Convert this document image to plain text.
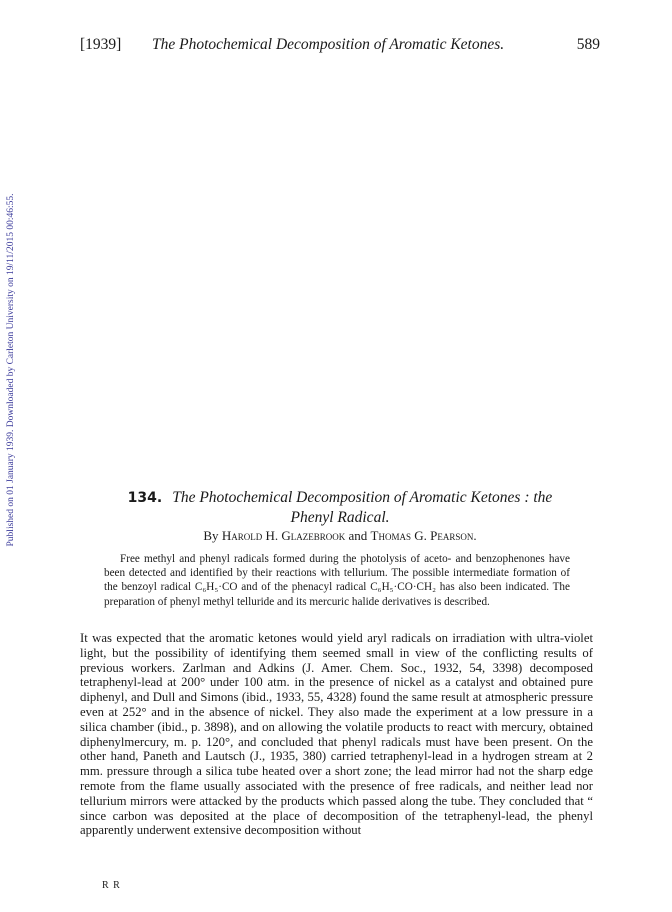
[1939] The Photochemical Decomposition of Aromatic Ketones.	589
Published on 01 January 1939. Downloaded by Carleton University on 19/11/2015 00:46:55.	134. The Photochemical Decomposition of Aromatic Ketones : the
Phenyl Radical.
By Harold H. Glazebrook and Thomas G. Pearson.

Free methyl and phenyl radicals formed during the photolysis of aceto- and benzophenones have been detected and identified by their reactions with tellurium. The possible intermediate formation of the benzoyl radical C₆H₅·CO and of the phenacyl radical C₆H₅·CO·CH₂ has also been indicated. The preparation of phenyl methyl telluride and its mercuric halide derivatives is described.

It was expected that the aromatic ketones would yield aryl radicals on irradiation with ultra-violet light, but the possibility of identifying them seemed small in view of the conflicting results of previous workers. Zarlman and Adkins (J. Amer. Chem. Soc., 1932, 54, 3398) decomposed tetraphenyl-lead at 200° under 100 atm. in the presence of nickel as a catalyst and obtained pure diphenyl, and Dull and Simons (ibid., 1933, 55, 4328) found the same result at atmospheric pressure even at 252° and in the absence of nickel. They also made the experiment at a low pressure in a silica chamber (ibid., p. 3898), and on allowing the volatile products to react with mercury, obtained diphenylmercury, m. p. 120°, and concluded that phenyl radicals must have been present. On the other hand, Paneth and Lautsch (J., 1935, 380) carried tetraphenyl-lead in a hydrogen stream at 2 mm. pressure through a silica tube heated over a short zone; the lead mirror had not the sharp edge remote from the flame usually associated with the presence of free radicals, and neither lead nor tellurium mirrors were attacked by the products which passed along the tube. They concluded that “ since carbon was deposited at the place of decomposition of the tetraphenyl-lead, the phenyl apparently underwent extensive decomposition without

R R
